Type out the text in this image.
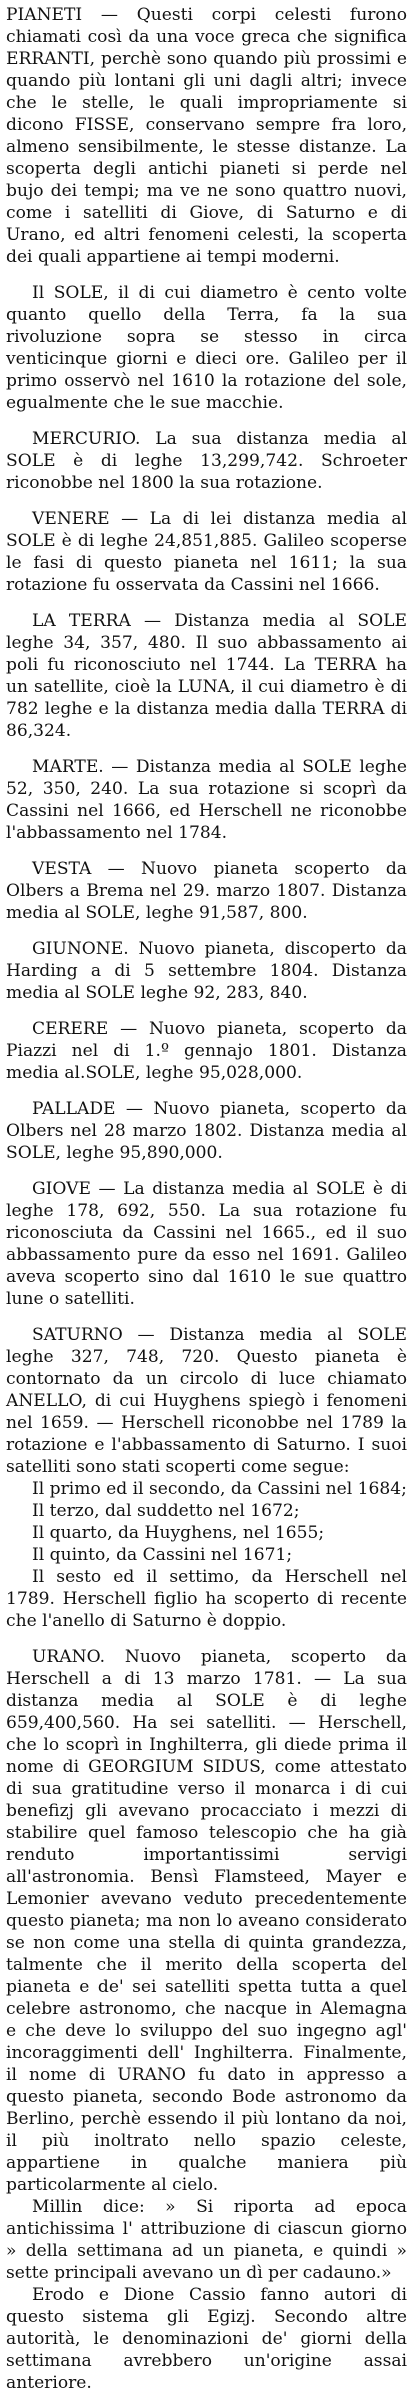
PIANETI — Questi corpi celesti furono chiamati così da una voce greca che significa ERRANTI, perchè sono quando più prossimi e quando più lontani gli uni dagli altri; invece che le stelle, le quali impropriamente si dicono FISSE, conservano sempre fra loro, almeno sensibilmente, le stesse distanze. La scoperta degli antichi pianeti si perde nel bujo dei tempi; ma ve ne sono quattro nuovi, come i satelliti di Giove, di Saturno e di Urano, ed altri fenomeni celesti, la scoperta dei quali appartiene ai tempi moderni.

Il SOLE, il di cui diametro è cento volte quanto quello della Terra, fa la sua rivoluzione sopra se stesso in circa venticinque giorni e dieci ore. Galileo per il primo osservò nel 1610 la rotazione del sole, egualmente che le sue macchie.

MERCURIO. La sua distanza media al SOLE è di leghe 13,299,742. Schroeter riconobbe nel 1800 la sua rotazione.

VENERE — La di lei distanza media al SOLE è di leghe 24,851,885. Galileo scoperse le fasi di questo pianeta nel 1611; la sua rotazione fu osservata da Cassini nel 1666.

LA TERRA — Distanza media al SOLE leghe 34, 357, 480. Il suo abbassamento ai poli fu riconosciuto nel 1744. La TERRA ha un satellite, cioè la LUNA, il cui diametro è di 782 leghe e la distanza media dalla TERRA di 86,324.

MARTE. — Distanza media al SOLE leghe 52, 350, 240. La sua rotazione si scoprì da Cassini nel 1666, ed Herschell ne riconobbe l'abbassamento nel 1784.

VESTA — Nuovo pianeta scoperto da Olbers a Brema nel 29. marzo 1807. Distanza media al SOLE, leghe 91,587, 800.

GIUNONE. Nuovo pianeta, discoperto da Harding a di 5 settembre 1804. Distanza media al SOLE leghe 92, 283, 840.

CERERE — Nuovo pianeta, scoperto da Piazzi nel di 1.º gennajo 1801. Distanza media al.SOLE, leghe 95,028,000.

PALLADE — Nuovo pianeta, scoperto da Olbers nel 28 marzo 1802. Distanza media al SOLE, leghe 95,890,000.

GIOVE — La distanza media al SOLE è di leghe 178, 692, 550. La sua rotazione fu riconosciuta da Cassini nel 1665., ed il suo abbassamento pure da esso nel 1691. Galileo aveva scoperto sino dal 1610 le sue quattro lune o satelliti.

SATURNO — Distanza media al SOLE leghe 327, 748, 720. Questo pianeta è contornato da un circolo di luce chiamato ANELLO, di cui Huyghens spiegò i fenomeni nel 1659. — Herschell riconobbe nel 1789 la rotazione e l'abbassamento di Saturno. I suoi satelliti sono stati scoperti come segue:

Il primo ed il secondo, da Cassini nel 1684;

Il terzo, dal suddetto nel 1672;

Il quarto, da Huyghens, nel 1655;

Il quinto, da Cassini nel 1671;

Il sesto ed il settimo, da Herschell nel 1789. Herschell figlio ha scoperto di recente che l'anello di Saturno è doppio.

URANO. Nuovo pianeta, scoperto da Herschell a di 13 marzo 1781. — La sua distanza media al SOLE è di leghe 659,400,560. Ha sei satelliti. — Herschell, che lo scoprì in Inghilterra, gli diede prima il nome di GEORGIUM SIDUS, come attestato di sua gratitudine verso il monarca i di cui benefizj gli avevano procacciato i mezzi di stabilire quel famoso telescopio che ha già renduto importantissimi servigi all'astronomia. Bensì Flamsteed, Mayer e Lemonier avevano veduto precedentemente questo pianeta; ma non lo aveano considerato se non come una stella di quinta grandezza, talmente che il merito della scoperta del pianeta e de' sei satelliti spetta tutta a quel celebre astronomo, che nacque in Alemagna e che deve lo sviluppo del suo ingegno agl' incoraggimenti dell' Inghilterra. Finalmente, il nome di URANO fu dato in appresso a questo pianeta, secondo Bode astronomo da Berlino, perchè essendo il più lontano da noi, il più inoltrato nello spazio celeste, appartiene in qualche maniera più particolarmente al cielo.

Millin dice: » Si riporta ad epoca antichissima l' attribuzione di ciascun giorno » della settimana ad un pianeta, e quindi » sette principali avevano un dì per cadauno.»

Erodo e Dione Cassio fanno autori di questo sistema gli Egizj. Secondo altre autorità, le denominazioni de' giorni della settimana avrebbero un'origine assai anteriore.
